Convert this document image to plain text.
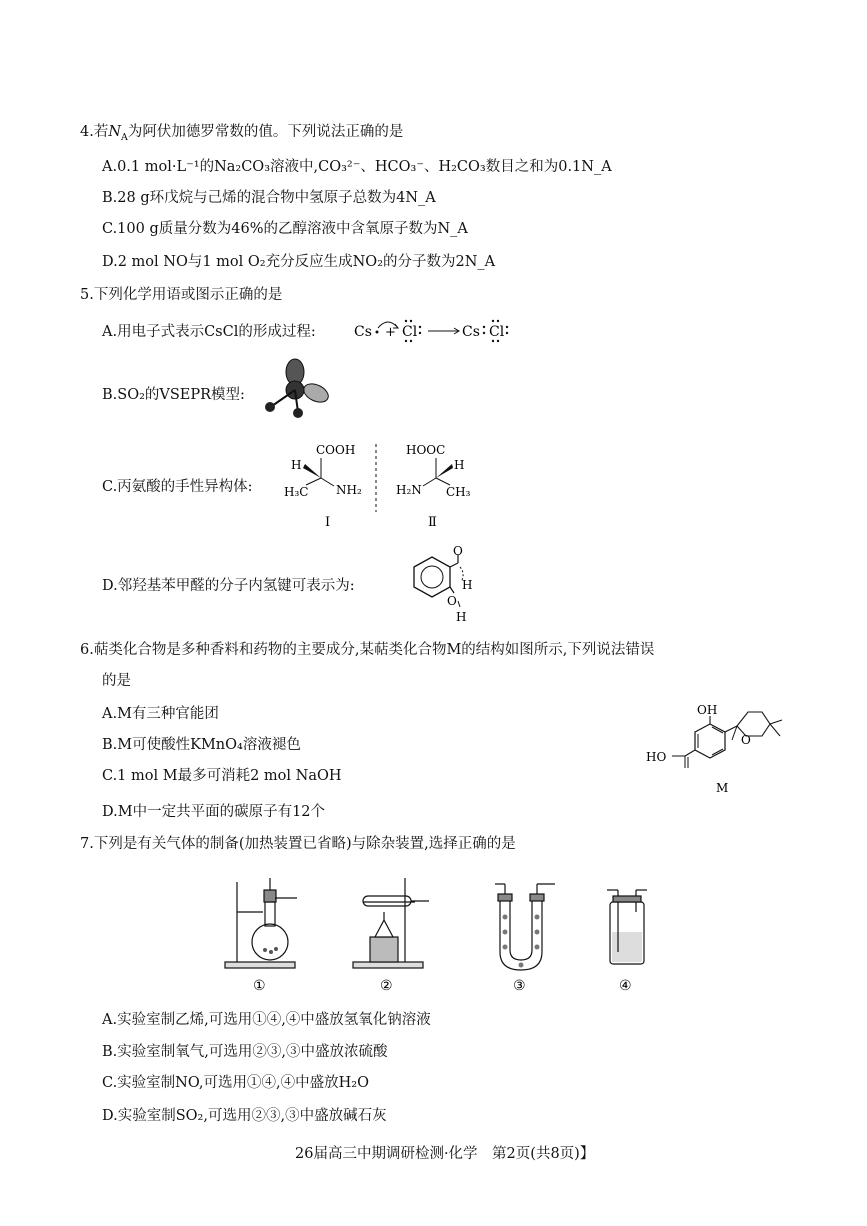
4.若$N_A$为阿伏加德罗常数的值。下列说法正确的是
A.0.1 mol·L⁻¹的Na₂CO₃溶液中,CO₃²⁻、HCO₃⁻、H₂CO₃数目之和为0.1N_A
B.28 g环戊烷与己烯的混合物中氢原子总数为4N_A
C.100 g质量分数为46%的乙醇溶液中含氧原子数为N_A
D.2 mol NO与1 mol O₂充分反应生成NO₂的分子数为2N_A
5.下列化学用语或图示正确的是
A.用电子式表示CsCl的形成过程:	Cs + Cl	Cs Cl
B.SO₂的VSEPR模型:
C.丙氨酸的手性异构体:
COOH
H
H₃C NH₂
Ⅰ
HOOC
H
H₂N CH₃
Ⅱ
D.邻羟基苯甲醛的分子内氢键可表示为:
O
H
O
H
6.萜类化合物是多种香料和药物的主要成分,某萜类化合物M的结构如图所示,下列说法错误
的是
A.M有三种官能团
B.M可使酸性KMnO₄溶液褪色
C.1 mol M最多可消耗2 mol NaOH
D.M中一定共平面的碳原子有12个
OH
O
HO
M
7.下列是有关气体的制备(加热装置已省略)与除杂装置,选择正确的是
①	②	③	④
A.实验室制乙烯,可选用①④,④中盛放氢氧化钠溶液
B.实验室制氧气,可选用②③,③中盛放浓硫酸
C.实验室制NO,可选用①④,④中盛放H₂O
D.实验室制SO₂,可选用②③,③中盛放碱石灰
26届高三中期调研检测·化学　第2页(共8页)】
